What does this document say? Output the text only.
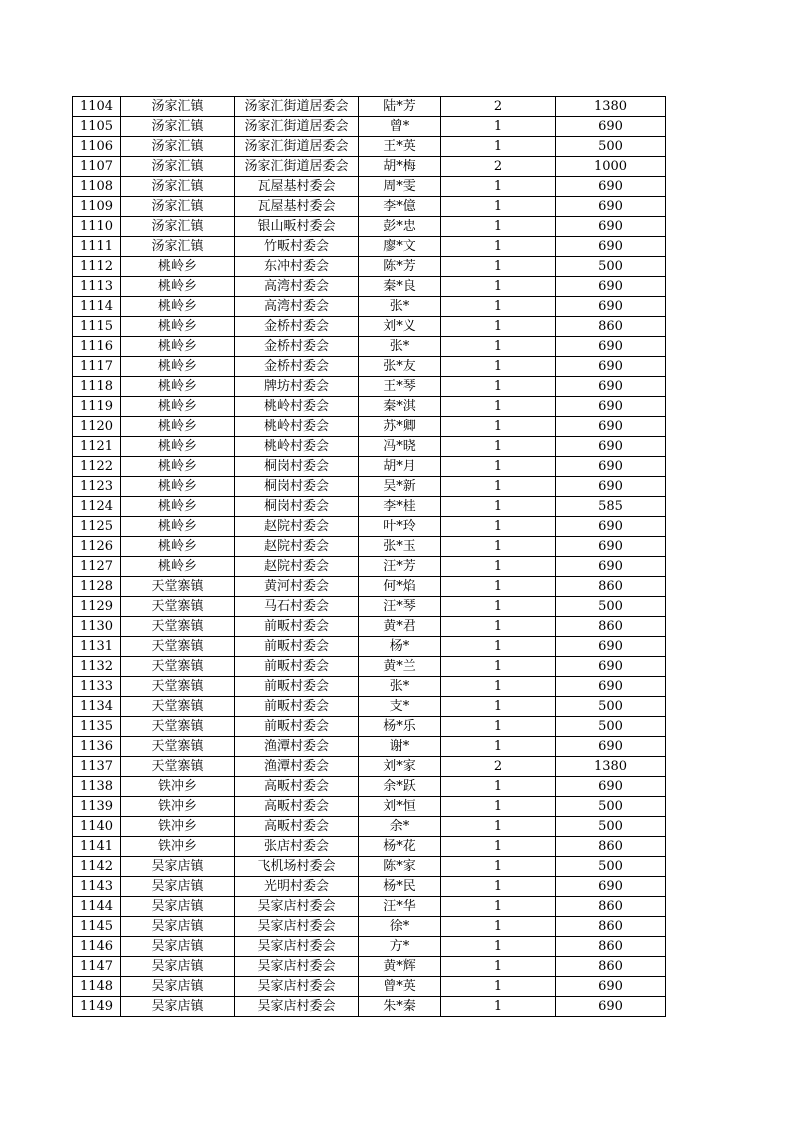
1104	汤家汇镇	汤家汇街道居委会	陆*芳	2	1380
1105	汤家汇镇	汤家汇街道居委会	曾*	1	690
1106	汤家汇镇	汤家汇街道居委会	王*英	1	500
1107	汤家汇镇	汤家汇街道居委会	胡*梅	2	1000
1108	汤家汇镇	瓦屋基村委会	周*雯	1	690
1109	汤家汇镇	瓦屋基村委会	李*億	1	690
1110	汤家汇镇	银山畈村委会	彭*忠	1	690
1111	汤家汇镇	竹畈村委会	廖*文	1	690
1112	桃岭乡	东冲村委会	陈*芳	1	500
1113	桃岭乡	高湾村委会	秦*良	1	690
1114	桃岭乡	高湾村委会	张*	1	690
1115	桃岭乡	金桥村委会	刘*义	1	860
1116	桃岭乡	金桥村委会	张*	1	690
1117	桃岭乡	金桥村委会	张*友	1	690
1118	桃岭乡	牌坊村委会	王*琴	1	690
1119	桃岭乡	桃岭村委会	秦*淇	1	690
1120	桃岭乡	桃岭村委会	苏*卿	1	690
1121	桃岭乡	桃岭村委会	冯*晓	1	690
1122	桃岭乡	桐岗村委会	胡*月	1	690
1123	桃岭乡	桐岗村委会	吴*新	1	690
1124	桃岭乡	桐岗村委会	李*桂	1	585
1125	桃岭乡	赵院村委会	叶*玲	1	690
1126	桃岭乡	赵院村委会	张*玉	1	690
1127	桃岭乡	赵院村委会	汪*芳	1	690
1128	天堂寨镇	黄河村委会	何*焰	1	860
1129	天堂寨镇	马石村委会	汪*琴	1	500
1130	天堂寨镇	前畈村委会	黄*君	1	860
1131	天堂寨镇	前畈村委会	杨*	1	690
1132	天堂寨镇	前畈村委会	黄*兰	1	690
1133	天堂寨镇	前畈村委会	张*	1	690
1134	天堂寨镇	前畈村委会	支*	1	500
1135	天堂寨镇	前畈村委会	杨*乐	1	500
1136	天堂寨镇	渔潭村委会	谢*	1	690
1137	天堂寨镇	渔潭村委会	刘*家	2	1380
1138	铁冲乡	高畈村委会	余*跃	1	690
1139	铁冲乡	高畈村委会	刘*恒	1	500
1140	铁冲乡	高畈村委会	余*	1	500
1141	铁冲乡	张店村委会	杨*花	1	860
1142	吴家店镇	飞机场村委会	陈*家	1	500
1143	吴家店镇	光明村委会	杨*民	1	690
1144	吴家店镇	吴家店村委会	汪*华	1	860
1145	吴家店镇	吴家店村委会	徐*	1	860
1146	吴家店镇	吴家店村委会	方*	1	860
1147	吴家店镇	吴家店村委会	黄*辉	1	860
1148	吴家店镇	吴家店村委会	曾*英	1	690
1149	吴家店镇	吴家店村委会	朱*秦	1	690
